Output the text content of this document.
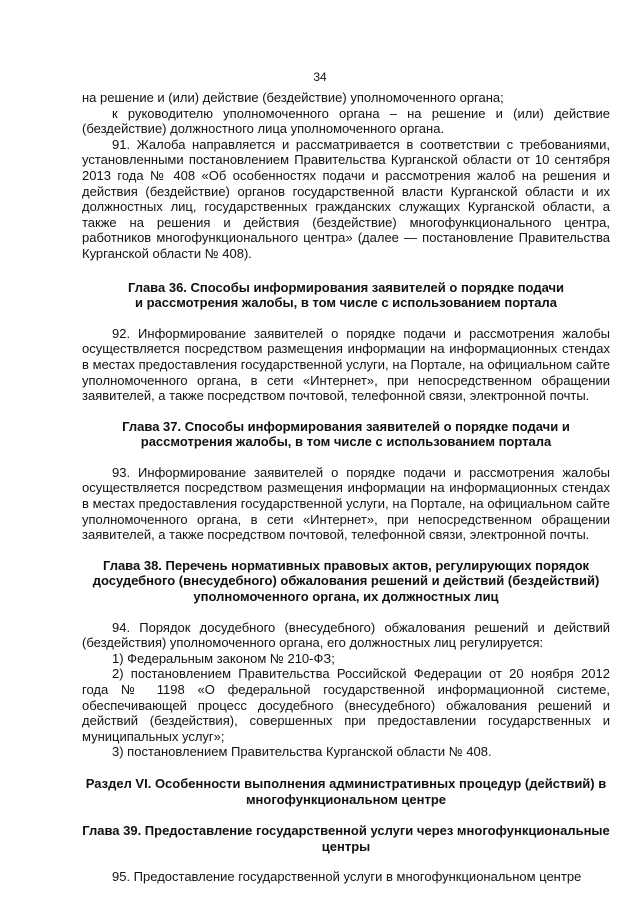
34

на решение и (или) действие (бездействие) уполномоченного органа;

к руководителю уполномоченного органа – на решение и (или) действие (бездействие) должностного лица уполномоченного органа.

91. Жалоба направляется и рассматривается в соответствии с требованиями, установленными постановлением Правительства Курганской области от 10 сентября 2013 года № 408 «Об особенностях подачи и рассмотрения жалоб на решения и действия (бездействие) органов государственной власти Курганской области и их должностных лиц, государственных гражданских служащих Курганской области, а также на решения и действия (бездействие) многофункционального центра, работников многофункционального центра» (далее — постановление Правительства Курганской области № 408).

Глава 36. Способы информирования заявителей о порядке подачи
и рассмотрения жалобы, в том числе с использованием портала

92. Информирование заявителей о порядке подачи и рассмотрения жалобы осуществляется посредством размещения информации на информационных стендах в местах предоставления государственной услуги, на Портале, на официальном сайте уполномоченного органа, в сети «Интернет», при непосредственном обращении заявителей, а также посредством почтовой, телефонной связи, электронной почты.

Глава 37. Способы информирования заявителей о порядке подачи и
рассмотрения жалобы, в том числе с использованием портала

93. Информирование заявителей о порядке подачи и рассмотрения жалобы осуществляется посредством размещения информации на информационных стендах в местах предоставления государственной услуги, на Портале, на официальном сайте уполномоченного органа, в сети «Интернет», при непосредственном обращении заявителей, а также посредством почтовой, телефонной связи, электронной почты.

Глава 38. Перечень нормативных правовых актов, регулирующих порядок
досудебного (внесудебного) обжалования решений и действий (бездействий)
уполномоченного органа, их должностных лиц

94. Порядок досудебного (внесудебного) обжалования решений и действий (бездействия) уполномоченного органа, его должностных лиц регулируется:

1) Федеральным законом № 210-ФЗ;

2) постановлением Правительства Российской Федерации от 20 ноября 2012 года № 1198 «О федеральной государственной информационной системе, обеспечивающей процесс досудебного (внесудебного) обжалования решений и действий (бездействия), совершенных при предоставлении государственных и муниципальных услуг»;

3) постановлением Правительства Курганской области № 408.

Раздел VI. Особенности выполнения административных процедур (действий) в
многофункциональном центре
Глава 39. Предоставление государственной услуги через многофункциональные
центры

95. Предоставление государственной услуги в многофункциональном центре
